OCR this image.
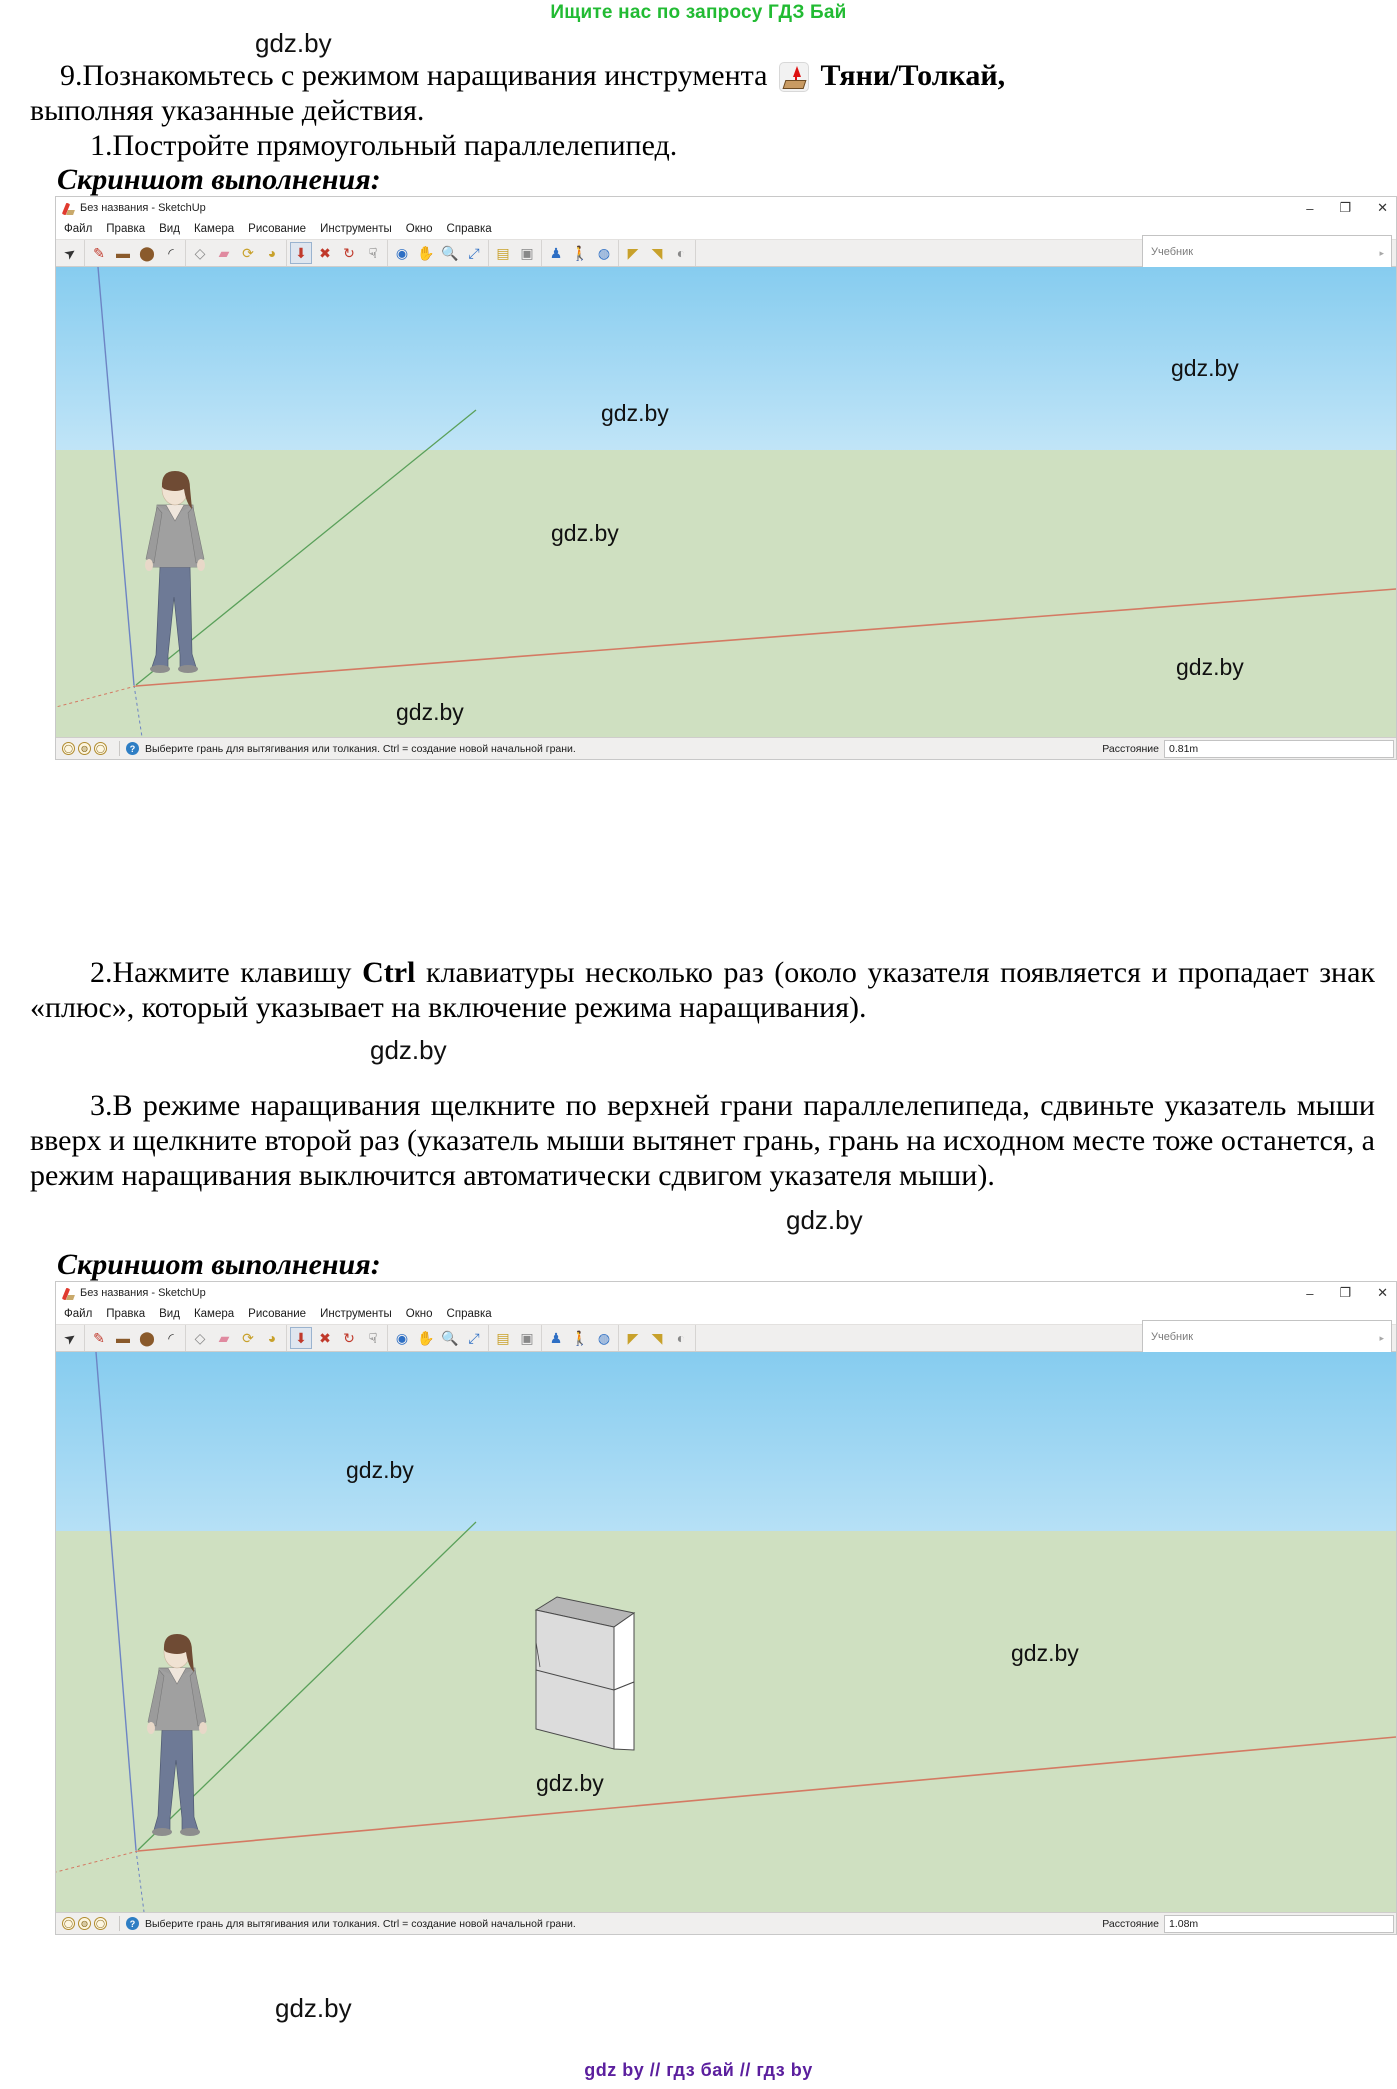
Ищите нас по запросу ГДЗ Бай
gdz.by
9.Познакомьтесь с режимом наращивания инструмента Тяни/Толкай,
выполняя указанные действия.
1.Постройте прямоугольный параллелепипед.
Скриншот выполнения:
Без названия - SketchUp	– ❐ ✕
Файл Правка Вид Камера Рисование Инструменты Окно Справка
➤ ✎ ▬ ⬤ ◜	◇ ▰ ⟳ ◕	⬇ ✖ ↻ ☟	◉ ✋ 🔍 ⤢	▤ ▣	♟ 🚶 ◍	◤ ◥	◐	Учебник	▸
gdz.by
gdz.by
gdz.by
gdz.by
gdz.by
◯	◍	◯	? Выберите грань для вытягивания или толкания. Ctrl = создание новой начальной грани.	Расстояние 0.81m
2.Нажмите клавишу Ctrl клавиатуры несколько раз (около указателя появляется и пропадает знак «плюс», который указывает на включение режима наращивания).
gdz.by
3.В режиме наращивания щелкните по верхней грани параллелепипеда, сдвиньте указатель мыши вверх и щелкните второй раз (указатель мыши вытянет грань, грань на исходном месте тоже останется, а режим наращивания выключится автоматически сдвигом указателя мыши).
gdz.by
Скриншот выполнения:
Без названия - SketchUp	– ❐ ✕
Файл Правка Вид Камера Рисование Инструменты Окно Справка
➤ ✎ ▬ ⬤ ◜	◇ ▰ ⟳ ◕	⬇ ✖ ↻ ☟	◉ ✋ 🔍 ⤢	▤ ▣	♟ 🚶 ◍	◤ ◥	◐	Учебник	▸
gdz.by
gdz.by
gdz.by
◯	◍	◯	? Выберите грань для вытягивания или толкания. Ctrl = создание новой начальной грани.	Расстояние 1.08m
gdz.by
gdz by // гдз бай // гдз by
